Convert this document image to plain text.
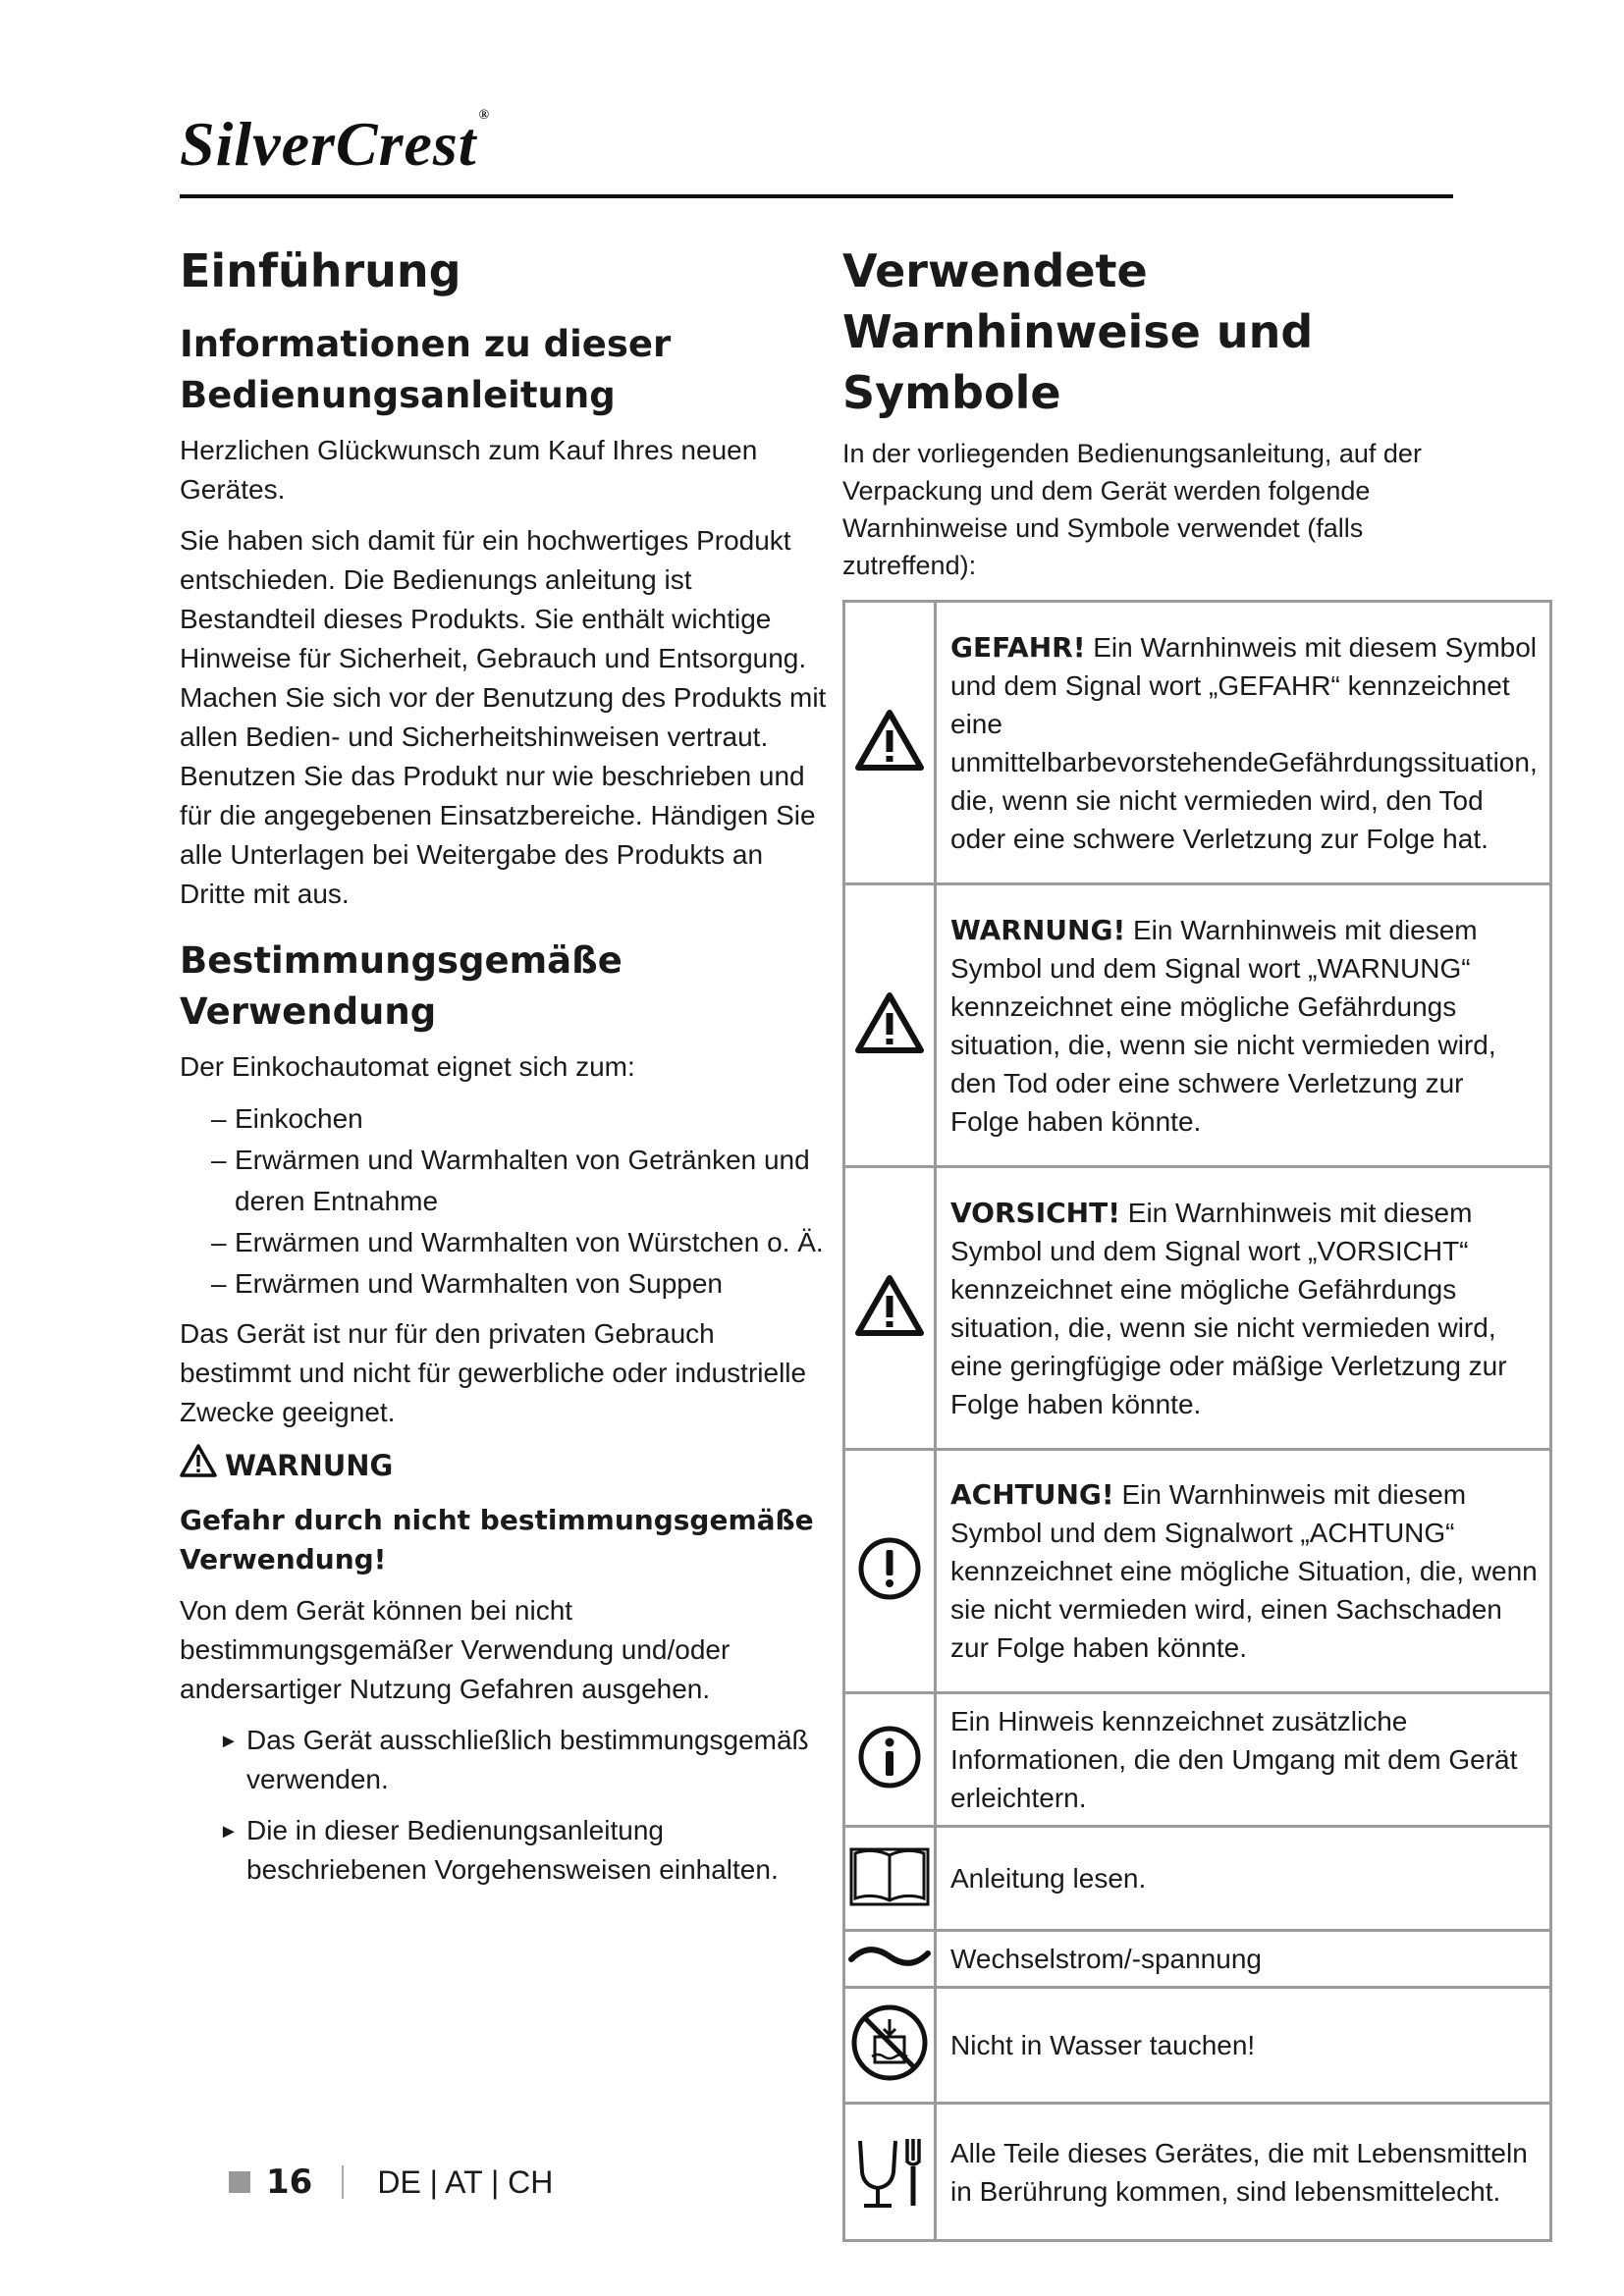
SilverCrest ®
Einführung
Informationen zu dieser Bedienungsanleitung

Herzlichen Glückwunsch zum Kauf Ihres neuen Gerätes.

Sie haben sich damit für ein hochwertiges Produkt entschieden. Die Bedienungs anleitung ist Bestandteil dieses Produkts. Sie enthält wichtige Hinweise für Sicherheit, Gebrauch und Entsorgung. Machen Sie sich vor der Benutzung des Produkts mit allen Bedien- und Sicherheitshinweisen vertraut. Benutzen Sie das Produkt nur wie beschrieben und für die angegebenen Einsatzbereiche. Händigen Sie alle Unterlagen bei Weitergabe des Produkts an Dritte mit aus.

Bestimmungsgemäße Verwendung

Der Einkochautomat eignet sich zum:

– Einkochen
– Erwärmen und Warmhalten von Getränken und deren Entnahme
– Erwärmen und Warmhalten von Würstchen o. Ä.
– Erwärmen und Warmhalten von Suppen

Das Gerät ist nur für den privaten Gebrauch bestimmt und nicht für gewerbliche oder industrielle Zwecke geeignet.

WARNUNG
Gefahr durch nicht bestimmungsgemäße Verwendung!

Von dem Gerät können bei nicht bestimmungsgemäßer Verwendung und/oder andersartiger Nutzung Gefahren ausgehen.

► Das Gerät ausschließlich bestimmungsgemäß verwenden.
► Die in dieser Bedienungsanleitung beschriebenen Vorgehensweisen einhalten.
Verwendete Warnhinweise und Symbole

In der vorliegenden Bedienungsanleitung, auf der Verpackung und dem Gerät werden folgende Warnhinweise und Symbole verwendet (falls zutreffend):

	GEFAHR! Ein Warnhinweis mit diesem Symbol und dem Signal wort „GEFAHR“ kennzeichnet eine unmittelbarbevorstehendeGefährdungssituation, die, wenn sie nicht vermieden wird, den Tod oder eine schwere Verletzung zur Folge hat.
	WARNUNG! Ein Warnhinweis mit diesem Symbol und dem Signal wort „WARNUNG“ kennzeichnet eine mögliche Gefährdungs situation, die, wenn sie nicht vermieden wird, den Tod oder eine schwere Verletzung zur Folge haben könnte.
	VORSICHT! Ein Warnhinweis mit diesem Symbol und dem Signal wort „VORSICHT“ kennzeichnet eine mögliche Gefährdungs situation, die, wenn sie nicht vermieden wird, eine geringfügige oder mäßige Verletzung zur Folge haben könnte.
	ACHTUNG! Ein Warnhinweis mit diesem Symbol und dem Signalwort „ACHTUNG“ kennzeichnet eine mögliche Situation, die, wenn sie nicht vermieden wird, einen Sachschaden zur Folge haben könnte.
	Ein Hinweis kennzeichnet zusätzliche Informationen, die den Umgang mit dem Gerät erleichtern.
	Anleitung lesen.
	Wechselstrom/-spannung
	Nicht in Wasser tauchen!
	Alle Teile dieses Gerätes, die mit Lebensmitteln in Berührung kommen, sind lebensmittelecht.
16 DE | AT | CH
